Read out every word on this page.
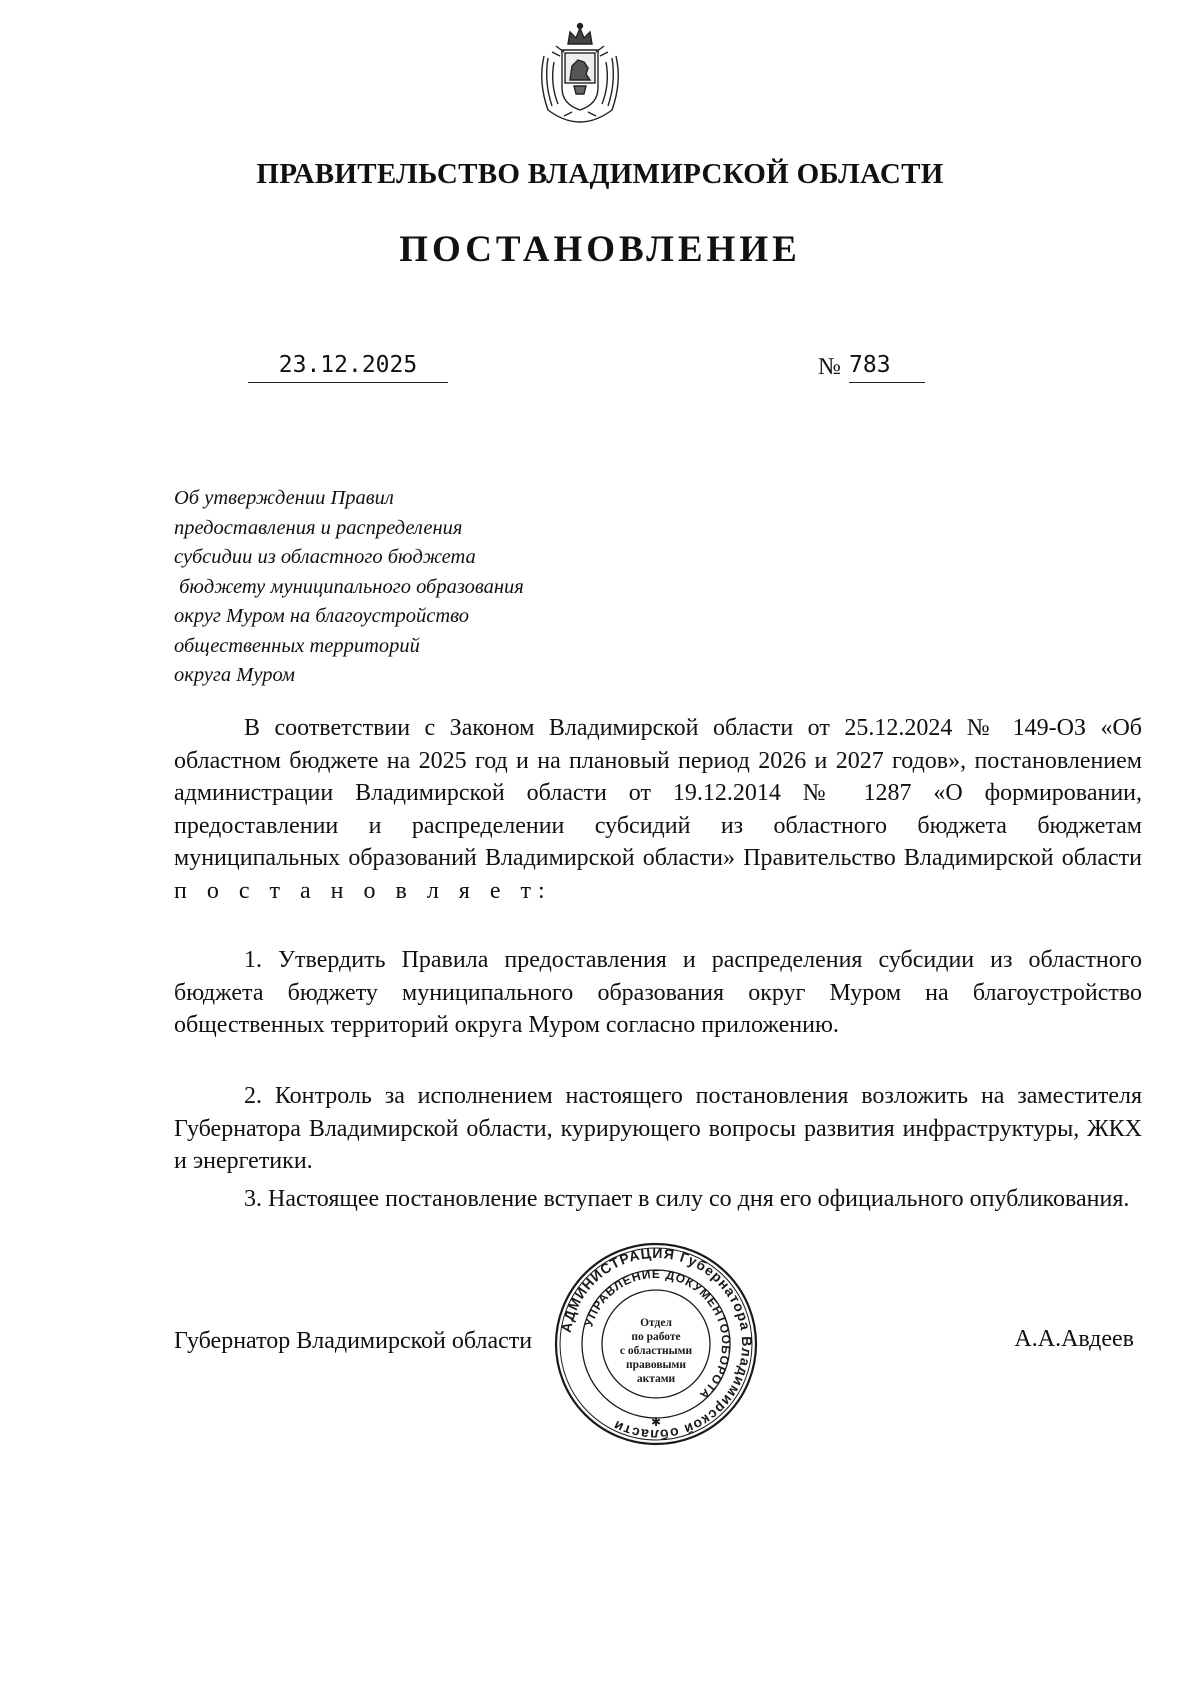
ПРАВИТЕЛЬСТВО ВЛАДИМИРСКОЙ ОБЛАСТИ
ПОСТАНОВЛЕНИЕ
23.12.2025	№ 783
Об утверждении Правил
предоставления и распределения
субсидии из областного бюджета
бюджету муниципального образования
округ Муром на благоустройство
общественных территорий
округа Муром
В соответствии с Законом Владимирской области от 25.12.2024 № 149-ОЗ «Об областном бюджете на 2025 год и на плановый период 2026 и 2027 годов», постановлением администрации Владимирской области от 19.12.2014 № 1287 «О формировании, предоставлении и распределении субсидий из областного бюджета бюджетам муниципальных образований Владимирской области» Правительство Владимирской области п о с т а н о в л я е т:
1. Утвердить Правила предоставления и распределения субсидии из областного бюджета бюджету муниципального образования округ Муром на благоустройство общественных территорий округа Муром согласно приложению.
2. Контроль за исполнением настоящего постановления возложить на заместителя Губернатора Владимирской области, курирующего вопросы развития инфраструктуры, ЖКХ и энергетики.
3. Настоящее постановление вступает в силу со дня его официального опубликования.
Губернатор Владимирской области	А.А.Авдеев
АДМИНИСТРАЦИЯ Губернатора Владимирской области
УПРАВЛЕНИЕ ДОКУМЕНТООБОРОТА
Отдел
по работе
с областными
правовыми
актами
✱
